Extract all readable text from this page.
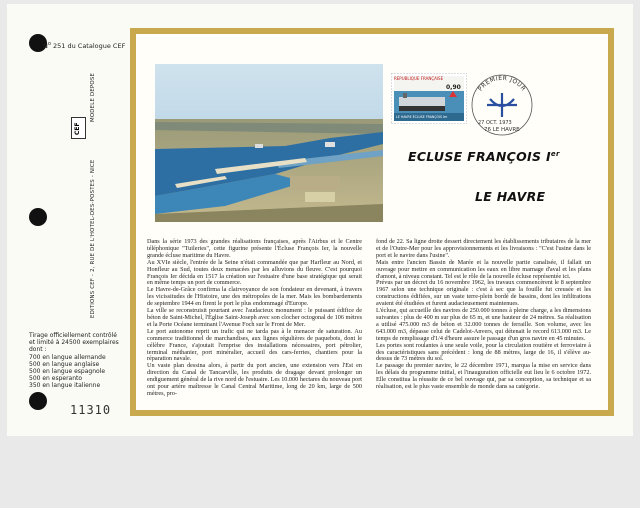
$N^o$ 251 du Catalogue CEF
MODELE DEPOSE
EDITIONS CEF - 2, RUE DE L'HOTEL-DES-POSTES - NICE
CEF
Tirage officiellement contrôlé
et limité à 24500 exemplaires
dont :
700 en langue allemande
500 en langue anglaise
500 en langue espagnole
500 en esperanto
350 en langue italienne
11310
REPUBLIQUE FRANÇAISE
0,90
LE HAVRE ÉCLUSE FRANÇOIS Ier
PREMIER JOUR
27 OCT. 1973
76 LE HAVRE
ECLUSE FRANÇOIS Ier
LE HAVRE

Dans la série 1973 des grandes réalisations françaises, après l'Airbus et le Centre téléphonique "Tuileries", cette figurine présente l'Écluse François Ier, la nouvelle grande écluse maritime du Havre.

Au XVIe siècle, l'entrée de la Seine n'était commandée que par Harfleur au Nord, et Honfleur au Sud, toutes deux menacées par les alluvions du fleuve. C'est pourquoi François Ier décida en 1517 la création sur l'estuaire d'une base stratégique qui serait en même temps un port de commerce.

Le Havre-de-Grâce confirma la clairvoyance de son fondateur en devenant, à travers les vicissitudes de l'Histoire, une des métropoles de la mer. Mais les bombardements de septembre 1944 en firent le port le plus endommagé d'Europe.

La ville se reconstruisit pourtant avec l'audacieux monument : le puissant édifice de béton de Saint-Michel, l'Église Saint-Joseph avec son clocher octogonal de 106 mètres et la Porte Océane terminant l'Avenue Foch sur le Front de Mer.

Le port autonome reprit un trafic qui ne tarda pas à le menacer de saturation. Au commerce traditionnel de marchandises, aux lignes régulières de paquebots, dont le célèbre France, s'ajoutait l'emprise des installations nécessaires, port pétrolier, terminal méthanier, port minéralier, accueil des cars-ferries, chantiers pour la réparation navale.

Un vaste plan dessina alors, à partir du port ancien, une extension vers l'Est en direction du Canal de Tancarville, les produits de dragage devant prolonger un endiguement général de la rive nord de l'estuaire. Les 10.000 hectares du nouveau port ont pour artère maîtresse le Canal Central Maritime, long de 20 km, large de 500 mètres, pro-

fond de 22. Sa ligne droite dessert directement les établissements tributaires de la mer et de l'Outre-Mer pour les approvisionnements et les livraisons : "C'est l'usine dans le port et le navire dans l'usine".

Mais entre l'ancien Bassin de Marée et la nouvelle partie canalisée, il fallait un ouvrage pour mettre en communication les eaux en libre marnage d'aval et les plans d'amont, à niveau constant. Tel est le rôle de la nouvelle écluse représentée ici.

Prévus par un décret du 16 novembre 1962, les travaux commencèrent le 8 septembre 1967 selon une technique originale : c'est à sec que la fouille fut creusée et les constructions édifiées, sur un vaste terre-plein bordé de bassins, dont les infiltrations avaient été étudiées et furent audacieusement maintenues.

L'écluse, qui accueille des navires de 250.000 tonnes à pleine charge, a les dimensions suivantes : plus de 400 m sur plus de 65 m, et une hauteur de 24 mètres. Sa réalisation a utilisé 475.000 m3 de béton et 32.000 tonnes de ferraille. Son volume, avec les 643.000 m3, dépasse celui de Cadelot-Anvers, qui détenait le record 613.000 m3. Le temps de remplissage d'1/4 d'heure assure le passage d'un gros navire en 45 minutes.

Les portes sont roulantes à une seule voile, pour la circulation routière et ferroviaire à des caractéristiques sans précédent : long de 88 mètres, large de 16, il s'élève au-dessus de 73 mètres du sol.

Le passage du premier navire, le 22 décembre 1971, marqua la mise en service dans les délais du programme initial, et l'inauguration officielle eut lieu le 6 octobre 1972. Elle constitua la réussite de ce bel ouvrage qui, par sa conception, sa technique et sa réalisation, est le plus vaste ensemble de monde dans sa catégorie.
